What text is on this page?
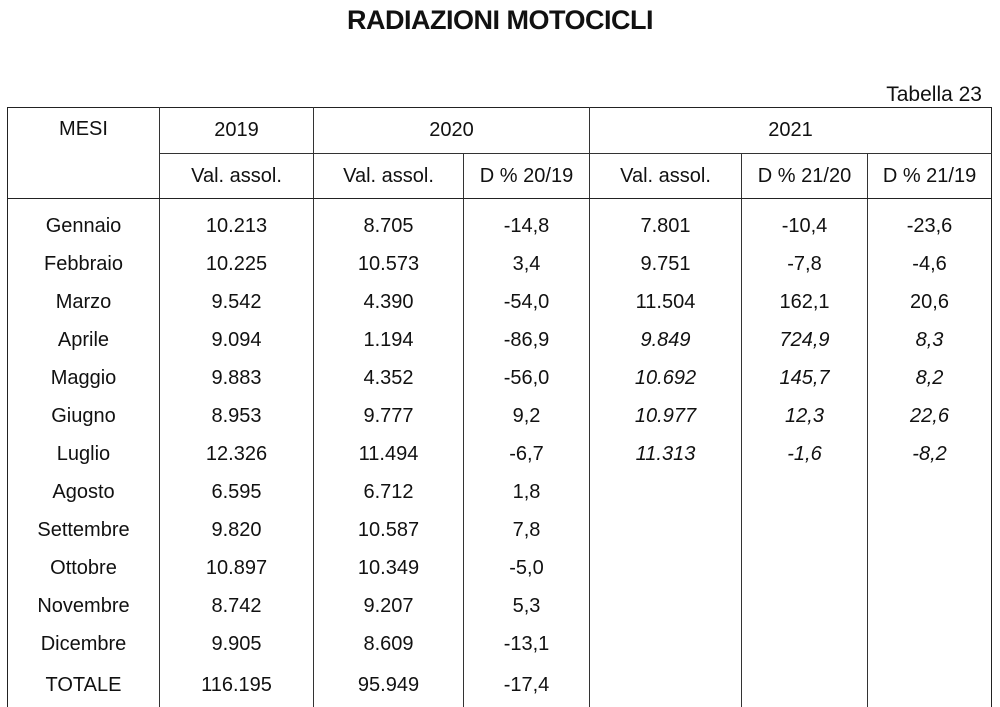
RADIAZIONI MOTOCICLI
Tabella 23
MESI	2019	2020		2021		
	Val. assol.	Val. assol.	D % 20/19	Val. assol.	D % 21/20	D % 21/19

Gennaio	10.213	8.705	-14,8	7.801	-10,4	-23,6
Febbraio	10.225	10.573	3,4	9.751	-7,8	-4,6
Marzo	9.542	4.390	-54,0	11.504	162,1	20,6
Aprile	9.094	1.194	-86,9	9.849	724,9	8,3
Maggio	9.883	4.352	-56,0	10.692	145,7	8,2
Giugno	8.953	9.777	9,2	10.977	12,3	22,6
Luglio	12.326	11.494	-6,7	11.313	-1,6	-8,2
Agosto	6.595	6.712	1,8			
Settembre	9.820	10.587	7,8			
Ottobre	10.897	10.349	-5,0			
Novembre	8.742	9.207	5,3			
Dicembre	9.905	8.609	-13,1			
TOTALE	116.195	95.949	-17,4			
